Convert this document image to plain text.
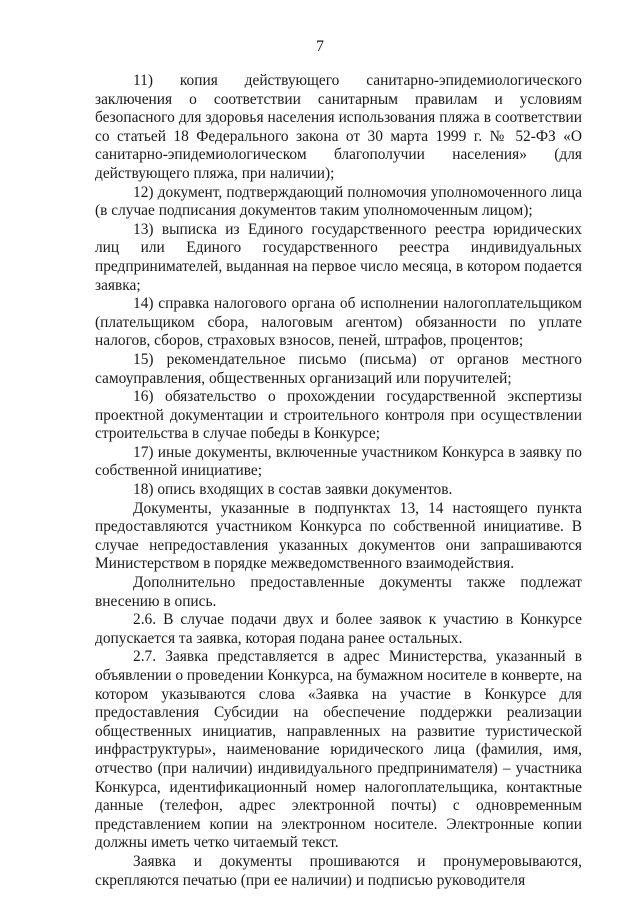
7

11) копия действующего санитарно-эпидемиологического заключения о соответствии санитарным правилам и условиям безопасного для здоровья населения использования пляжа в соответствии со статьей 18 Федерального закона от 30 марта 1999 г. № 52-ФЗ «О санитарно-эпидемиологическом благополучии населения» (для действующего пляжа, при наличии);

12) документ, подтверждающий полномочия уполномоченного лица (в случае подписания документов таким уполномоченным лицом);

13) выписка из Единого государственного реестра юридических лиц или Единого государственного реестра индивидуальных предпринимателей, выданная на первое число месяца, в котором подается заявка;

14) справка налогового органа об исполнении налогоплательщиком (плательщиком сбора, налоговым агентом) обязанности по уплате налогов, сборов, страховых взносов, пеней, штрафов, процентов;

15) рекомендательное письмо (письма) от органов местного самоуправления, общественных организаций или поручителей;

16) обязательство о прохождении государственной экспертизы проектной документации и строительного контроля при осуществлении строительства в случае победы в Конкурсе;

17) иные документы, включенные участником Конкурса в заявку по собственной инициативе;

18) опись входящих в состав заявки документов.

Документы, указанные в подпунктах 13, 14 настоящего пункта предоставляются участником Конкурса по собственной инициативе. В случае непредоставления указанных документов они запрашиваются Министерством в порядке межведомственного взаимодействия.

Дополнительно предоставленные документы также подлежат внесению в опись.

2.6. В случае подачи двух и более заявок к участию в Конкурсе допускается та заявка, которая подана ранее остальных.

2.7. Заявка представляется в адрес Министерства, указанный в объявлении о проведении Конкурса, на бумажном носителе в конверте, на котором указываются слова «Заявка на участие в Конкурсе для предоставления Субсидии на обеспечение поддержки реализации общественных инициатив, направленных на развитие туристической инфраструктуры», наименование юридического лица (фамилия, имя, отчество (при наличии) индивидуального предпринимателя) – участника Конкурса, идентификационный номер налогоплательщика, контактные данные (телефон, адрес электронной почты) с одновременным представлением копии на электронном носителе. Электронные копии должны иметь четко читаемый текст.

Заявка и документы прошиваются и пронумеровываются, скрепляются печатью (при ее наличии) и подписью руководителя
